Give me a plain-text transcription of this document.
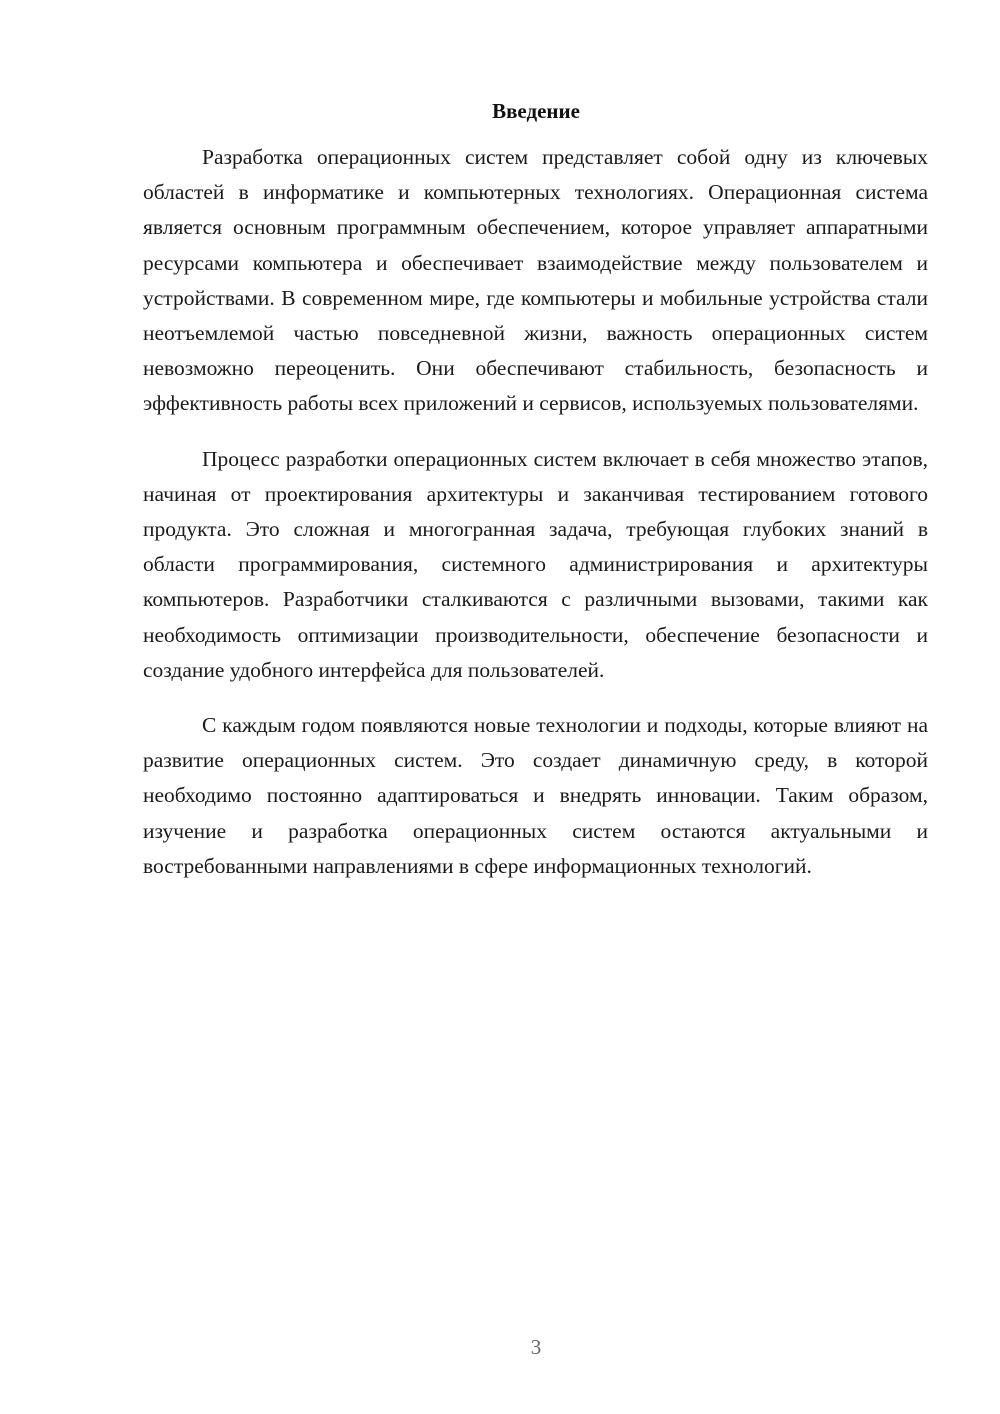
Введение

Разработка операционных систем представляет собой одну из ключевых областей в информатике и компьютерных технологиях. Операционная система является основным программным обеспечением, которое управляет аппаратными ресурсами компьютера и обеспечивает взаимодействие между пользователем и устройствами. В современном мире, где компьютеры и мобильные устройства стали неотъемлемой частью повседневной жизни, важность операционных систем невозможно переоценить. Они обеспечивают стабильность, безопасность и эффективность работы всех приложений и сервисов, используемых пользователями.

Процесс разработки операционных систем включает в себя множество этапов, начиная от проектирования архитектуры и заканчивая тестированием готового продукта. Это сложная и многогранная задача, требующая глубоких знаний в области программирования, системного администрирования и архитектуры компьютеров. Разработчики сталкиваются с различными вызовами, такими как необходимость оптимизации производительности, обеспечение безопасности и создание удобного интерфейса для пользователей.

С каждым годом появляются новые технологии и подходы, которые влияют на развитие операционных систем. Это создает динамичную среду, в которой необходимо постоянно адаптироваться и внедрять инновации. Таким образом, изучение и разработка операционных систем остаются актуальными и востребованными направлениями в сфере информационных технологий.

3
